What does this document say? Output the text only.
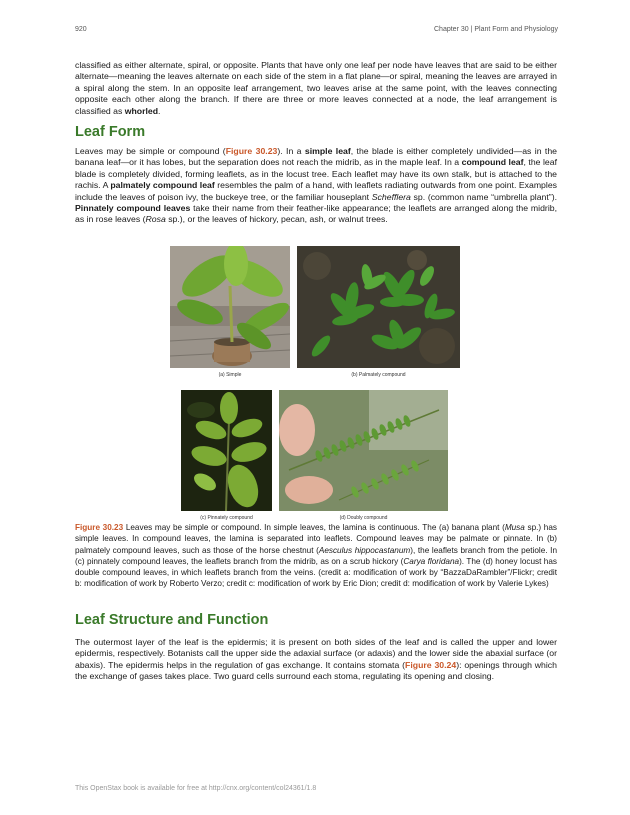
920	Chapter 30 | Plant Form and Physiology

classified as either alternate, spiral, or opposite. Plants that have only one leaf per node have leaves that are said to be either alternate—meaning the leaves alternate on each side of the stem in a flat plane—or spiral, meaning the leaves are arrayed in a spiral along the stem. In an opposite leaf arrangement, two leaves arise at the same point, with the leaves connecting opposite each other along the branch. If there are three or more leaves connected at a node, the leaf arrangement is classified as whorled.

Leaf Form

Leaves may be simple or compound (Figure 30.23). In a simple leaf, the blade is either completely undivided—as in the banana leaf—or it has lobes, but the separation does not reach the midrib, as in the maple leaf. In a compound leaf, the leaf blade is completely divided, forming leaflets, as in the locust tree. Each leaflet may have its own stalk, but is attached to the rachis. A palmately compound leaf resembles the palm of a hand, with leaflets radiating outwards from one point. Examples include the leaves of poison ivy, the buckeye tree, or the familiar houseplant Schefflera sp. (common name “umbrella plant”). Pinnately compound leaves take their name from their feather-like appearance; the leaflets are arranged along the midrib, as in rose leaves (Rosa sp.), or the leaves of hickory, pecan, ash, or walnut trees.

(a) Simple	(b) Palmately compound
(c) Pinnately compound	(d) Doubly compound

Figure 30.23 Leaves may be simple or compound. In simple leaves, the lamina is continuous. The (a) banana plant (Musa sp.) has simple leaves. In compound leaves, the lamina is separated into leaflets. Compound leaves may be palmate or pinnate. In (b) palmately compound leaves, such as those of the horse chestnut (Aesculus hippocastanum), the leaflets branch from the petiole. In (c) pinnately compound leaves, the leaflets branch from the midrib, as on a scrub hickory (Carya floridana). The (d) honey locust has double compound leaves, in which leaflets branch from the veins. (credit a: modification of work by “BazzaDaRambler”/Flickr; credit b: modification of work by Roberto Verzo; credit c: modification of work by Eric Dion; credit d: modification of work by Valerie Lykes)

Leaf Structure and Function

The outermost layer of the leaf is the epidermis; it is present on both sides of the leaf and is called the upper and lower epidermis, respectively. Botanists call the upper side the adaxial surface (or adaxis) and the lower side the abaxial surface (or abaxis). The epidermis helps in the regulation of gas exchange. It contains stomata (Figure 30.24): openings through which the exchange of gases takes place. Two guard cells surround each stoma, regulating its opening and closing.

This OpenStax book is available for free at http://cnx.org/content/col24361/1.8
